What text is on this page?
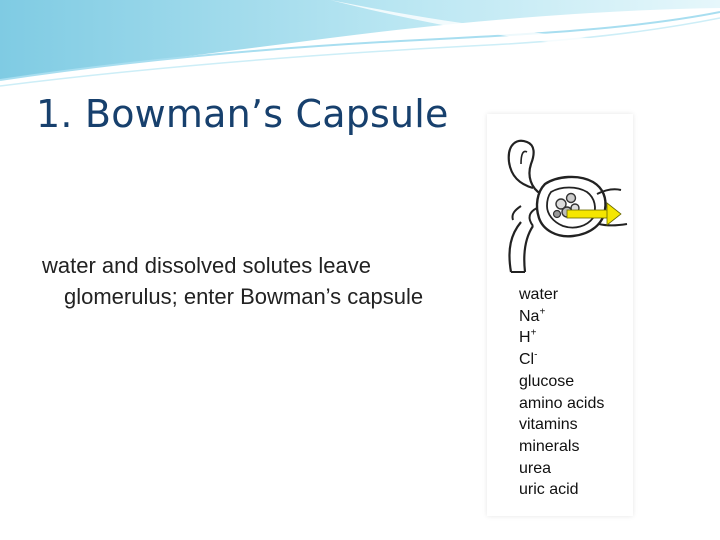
1. Bowman’s Capsule
water and dissolved solutes leave glomerulus; enter Bowman’s capsule	water
Na+
H+
Cl-
glucose
amino acids
vitamins
minerals
urea
uric acid
